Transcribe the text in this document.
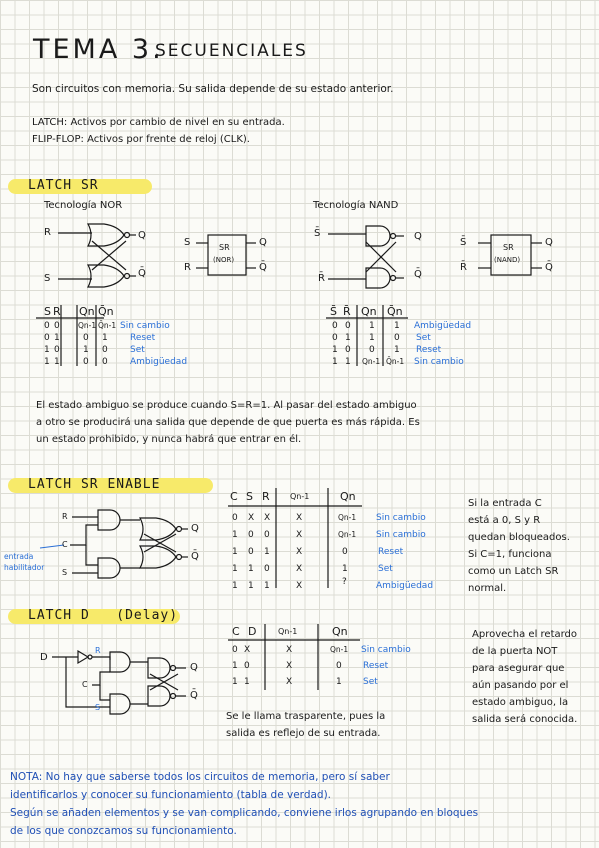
TEMA 3.
SECUENCIALES
Son circuitos con memoria. Su salida depende de su estado anterior.
LATCH: Activos por cambio de nivel en su entrada.
FLIP-FLOP: Activos por frente de reloj (CLK).
LATCH SR
Tecnología NOR	Tecnología NAND
R
S
Q
Q̄
S
R
SR
(NOR)
Q
Q̄
S̄
R̄
Q
Q̄
S̄
R̄
SR
(NAND)
Q
Q̄
S R Qn Q̄n
0 0 Qn-1 Q̄n-1 Sin cambio
0 1	0 1 Reset
1 0	1 0 Set
1 1	0 0 Ambigüedad
S̄ R̄ Qn Q̄n
0 0 1 1 Ambigüedad
0 1 1 0 Set
1 0 0 1 Reset
1 1 Qn-1 Q̄n-1 Sin cambio
El estado ambiguo se produce cuando S=R=1. Al pasar del estado ambiguo
a otro se producirá una salida que depende de que puerta es más rápida. Es
un estado prohibido, y nunca habrá que entrar en él.
LATCH SR ENABLE
R
C
S
entrada
habilitador
Q
Q̄
C S R	Qn-1	Qn
0 X X	X	Qn-1 Sin cambio
1 0 0	X	Qn-1 Sin cambio
1 0 1	X	0	Reset
1 1 0	X	1	Set
1 1 1	X	?	Ambigüedad
Si la entrada C
está a 0, S y R
quedan bloqueados.
Si C=1, funciona
como un Latch SR
normal.
LATCH D   (Delay)
D
C
R
S
Q
Q̄
C D	Qn-1	Qn
0 X	X	Qn-1 Sin cambio
1 0	X	0 Reset
1 1	X	1 Set
Se le llama trasparente, pues la
salida es reflejo de su entrada.
Aprovecha el retardo
de la puerta NOT
para asegurar que
aún pasando por el
estado ambiguo, la
salida será conocida.
NOTA: No hay que saberse todos los circuitos de memoria, pero sí saber
identificarlos y conocer su funcionamiento (tabla de verdad).
Según se añaden elementos y se van complicando, conviene irlos agrupando en bloques
de los que conozcamos su funcionamiento.
